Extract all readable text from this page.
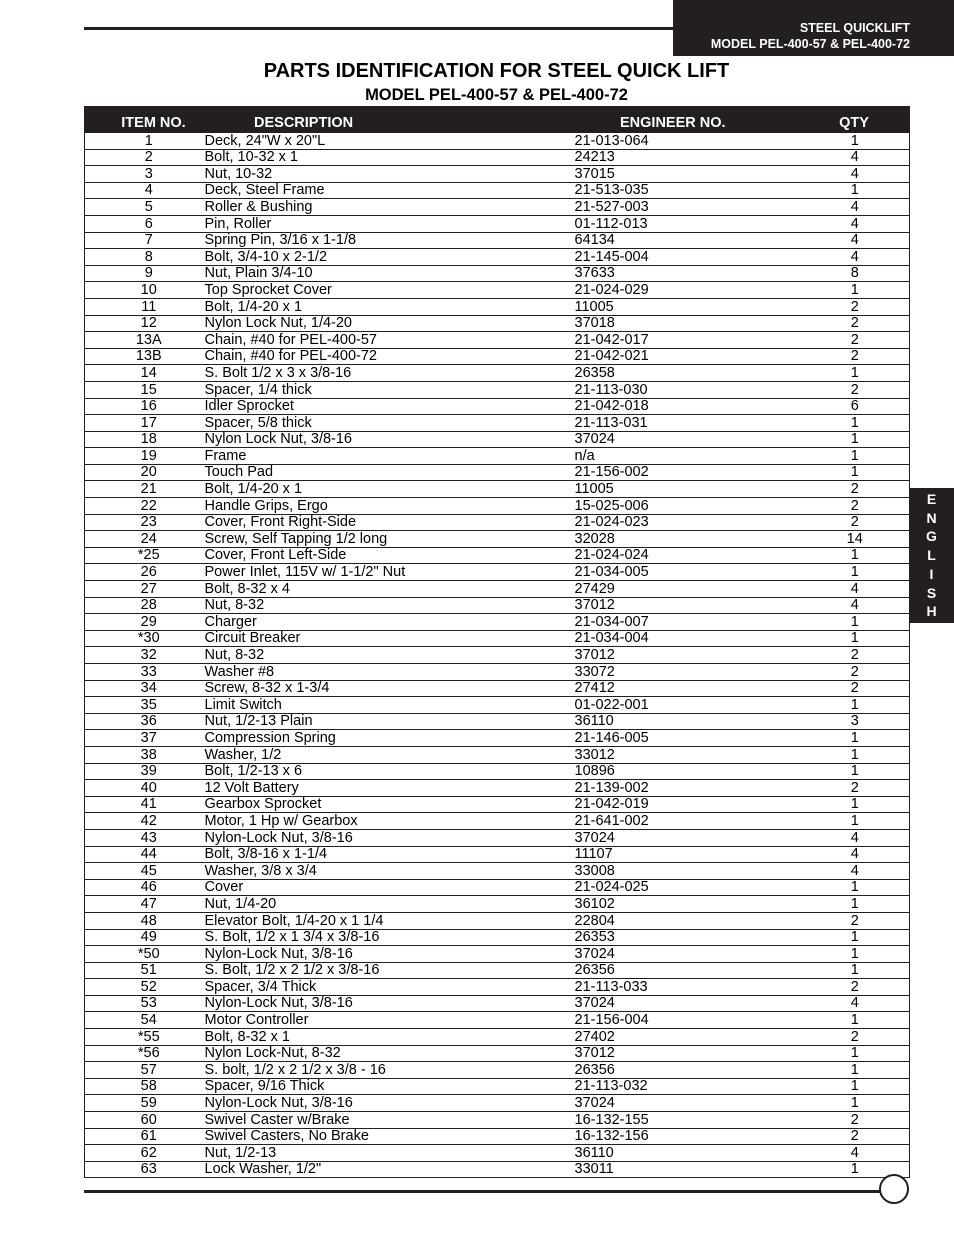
STEEL QUICKLIFT
MODEL PEL-400-57 & PEL-400-72
PARTS IDENTIFICATION FOR STEEL QUICK LIFT
MODEL PEL-400-57 & PEL-400-72
ITEM NO.	DESCRIPTION	ENGINEER NO.	QTY
1	Deck, 24"W x 20"L	21-013-064	1
2	Bolt, 10-32 x 1	24213	4
3	Nut, 10-32	37015	4
4	Deck, Steel Frame	21-513-035	1
5	Roller & Bushing	21-527-003	4
6	Pin, Roller	01-112-013	4
7	Spring Pin, 3/16 x 1-1/8	64134	4
8	Bolt, 3/4-10 x 2-1/2	21-145-004	4
9	Nut, Plain 3/4-10	37633	8
10	Top Sprocket Cover	21-024-029	1
11	Bolt, 1/4-20 x 1	11005	2
12	Nylon Lock Nut, 1/4-20	37018	2
13A	Chain, #40 for PEL-400-57	21-042-017	2
13B	Chain, #40 for PEL-400-72	21-042-021	2
14	S. Bolt 1/2 x 3 x 3/8-16	26358	1
15	Spacer, 1/4 thick	21-113-030	2
16	Idler Sprocket	21-042-018	6
17	Spacer, 5/8 thick	21-113-031	1
18	Nylon Lock Nut, 3/8-16	37024	1
19	Frame	n/a	1
20	Touch Pad	21-156-002	1
21	Bolt, 1/4-20 x 1	11005	2
22	Handle Grips, Ergo	15-025-006	2
23	Cover, Front Right-Side	21-024-023	2
24	Screw, Self Tapping 1/2 long	32028	14
*25	Cover, Front Left-Side	21-024-024	1
26	Power Inlet, 115V w/ 1-1/2" Nut	21-034-005	1
27	Bolt, 8-32 x 4	27429	4
28	Nut, 8-32	37012	4
29	Charger	21-034-007	1
*30	Circuit Breaker	21-034-004	1
32	Nut, 8-32	37012	2
33	Washer #8	33072	2
34	Screw, 8-32 x 1-3/4	27412	2
35	Limit Switch	01-022-001	1
36	Nut, 1/2-13 Plain	36110	3
37	Compression Spring	21-146-005	1
38	Washer, 1/2	33012	1
39	Bolt, 1/2-13 x 6	10896	1
40	12 Volt Battery	21-139-002	2
41	Gearbox Sprocket	21-042-019	1
42	Motor, 1 Hp w/ Gearbox	21-641-002	1
43	Nylon-Lock Nut, 3/8-16	37024	4
44	Bolt, 3/8-16 x 1-1/4	11107	4
45	Washer, 3/8 x 3/4	33008	4
46	Cover	21-024-025	1
47	Nut, 1/4-20	36102	1
48	Elevator Bolt, 1/4-20 x 1 1/4	22804	2
49	S. Bolt, 1/2 x 1 3/4 x 3/8-16	26353	1
*50	Nylon-Lock Nut, 3/8-16	37024	1
51	S. Bolt, 1/2 x 2 1/2 x 3/8-16	26356	1
52	Spacer, 3/4 Thick	21-113-033	2
53	Nylon-Lock Nut, 3/8-16	37024	4
54	Motor Controller	21-156-004	1
*55	Bolt, 8-32 x 1	27402	2
*56	Nylon Lock-Nut, 8-32	37012	1
57	S. bolt, 1/2 x 2 1/2 x 3/8 - 16	26356	1
58	Spacer, 9/16 Thick	21-113-032	1
59	Nylon-Lock Nut, 3/8-16	37024	1
60	Swivel Caster w/Brake	16-132-155	2
61	Swivel Casters, No Brake	16-132-156	2
62	Nut, 1/2-13	36110	4
63	Lock Washer, 1/2"	33011	1
E
N
G
L
I
S
H
